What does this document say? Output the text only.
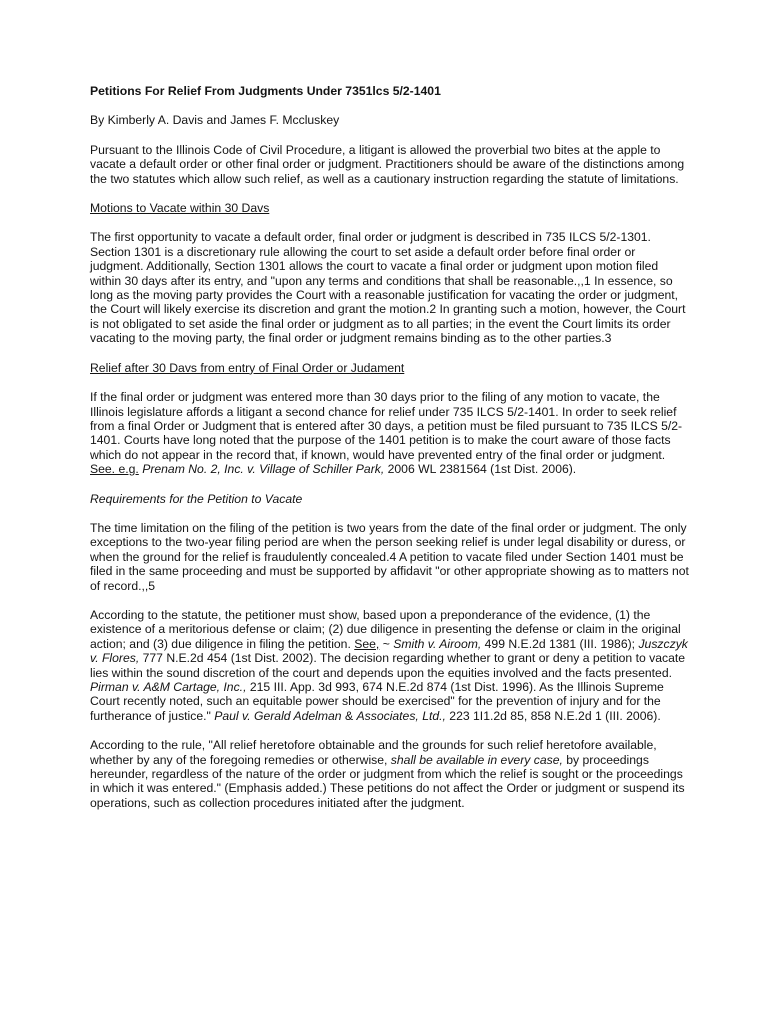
Petitions For Relief From Judgments Under 7351lcs 5/2-1401
By Kimberly A. Davis and James F. Mccluskey

Pursuant to the Illinois Code of Civil Procedure, a litigant is allowed the proverbial two bites at the apple to vacate a default order or other final order or judgment. Practitioners should be aware of the distinctions among the two statutes which allow such relief, as well as a cautionary instruction regarding the statute of limitations.

Motions to Vacate within 30 Davs

The first opportunity to vacate a default order, final order or judgment is described in 735 ILCS 5/2-1301. Section 1301 is a discretionary rule allowing the court to set aside a default order before final order or judgment. Additionally, Section 1301 allows the court to vacate a final order or judgment upon motion filed within 30 days after its entry, and "upon any terms and conditions that shall be reasonable.,,1 In essence, so long as the moving party provides the Court with a reasonable justification for vacating the order or judgment, the Court will likely exercise its discretion and grant the motion.2 In granting such a motion, however, the Court is not obligated to set aside the final order or judgment as to all parties; in the event the Court limits its order vacating to the moving party, the final order or judgment remains binding as to the other parties.3

Relief after 30 Davs from entry of Final Order or Judament

If the final order or judgment was entered more than 30 days prior to the filing of any motion to vacate, the Illinois legislature affords a litigant a second chance for relief under 735 ILCS 5/2-1401. In order to seek relief from a final Order or Judgment that is entered after 30 days, a petition must be filed pursuant to 735 ILCS 5/2-1401. Courts have long noted that the purpose of the 1401 petition is to make the court aware of those facts which do not appear in the record that, if known, would have prevented entry of the final order or judgment. See. e.g. Prenam No. 2, Inc. v. Village of Schiller Park, 2006 WL 2381564 (1st Dist. 2006).

Requirements for the Petition to Vacate

The time limitation on the filing of the petition is two years from the date of the final order or judgment. The only exceptions to the two-year filing period are when the person seeking relief is under legal disability or duress, or when the ground for the relief is fraudulently concealed.4 A petition to vacate filed under Section 1401 must be filed in the same proceeding and must be supported by affidavit "or other appropriate showing as to matters not of record.,,5

According to the statute, the petitioner must show, based upon a preponderance of the evidence, (1) the existence of a meritorious defense or claim; (2) due diligence in presenting the defense or claim in the original action; and (3) due diligence in filing the petition. See, ~ Smith v. Airoom, 499 N.E.2d 1381 (III. 1986); Juszczyk v. Flores, 777 N.E.2d 454 (1st Dist. 2002). The decision regarding whether to grant or deny a petition to vacate lies within the sound discretion of the court and depends upon the equities involved and the facts presented. Pirman v. A&M Cartage, Inc., 215 III. App. 3d 993, 674 N.E.2d 874 (1st Dist. 1996). As the Illinois Supreme Court recently noted, such an equitable power should be exercised" for the prevention of injury and for the furtherance of justice." Paul v. Gerald Adelman & Associates, Ltd., 223 1I1.2d 85, 858 N.E.2d 1 (III. 2006).

According to the rule, "All relief heretofore obtainable and the grounds for such relief heretofore available, whether by any of the foregoing remedies or otherwise, shall be available in every case, by proceedings hereunder, regardless of the nature of the order or judgment from which the relief is sought or the proceedings in which it was entered." (Emphasis added.) These petitions do not affect the Order or judgment or suspend its operations, such as collection procedures initiated after the judgment.
